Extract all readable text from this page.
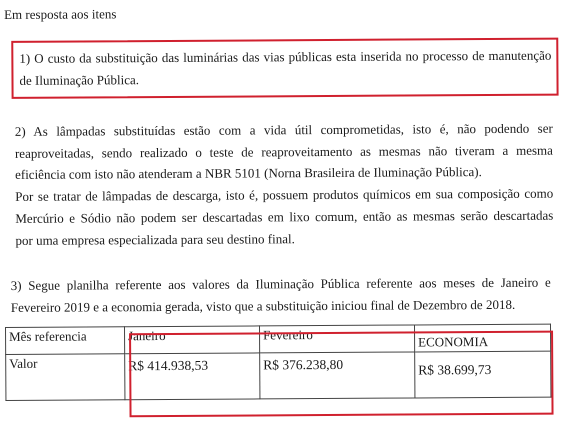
Em resposta aos itens
1) O custo da substituição das luminárias das vias públicas esta inserida no processo de manutenção
de Iluminação Pública.
2) As lâmpadas substituídas estão com a vida útil comprometidas, isto é, não podendo ser
reaproveitadas, sendo realizado o teste de reaproveitamento as mesmas não tiveram a mesma
eficiência com isto não atenderam a NBR 5101 (Norna Brasileira de Iluminação Pública).
Por se tratar de lâmpadas de descarga, isto é, possuem produtos químicos em sua composição como
Mercúrio e Sódio não podem ser descartadas em lixo comum, então as mesmas serão descartadas
por uma empresa especializada para seu destino final.
3) Segue planilha referente aos valores da Iluminação Pública referente aos meses de Janeiro e
Fevereiro 2019 e a economia gerada, visto que a substituição iniciou final de Dezembro de 2018.
Mês referencia	Janeiro	Fevereiro	ECONOMIA
Valor	R$ 414.938,53	R$ 376.238,80	R$ 38.699,73
